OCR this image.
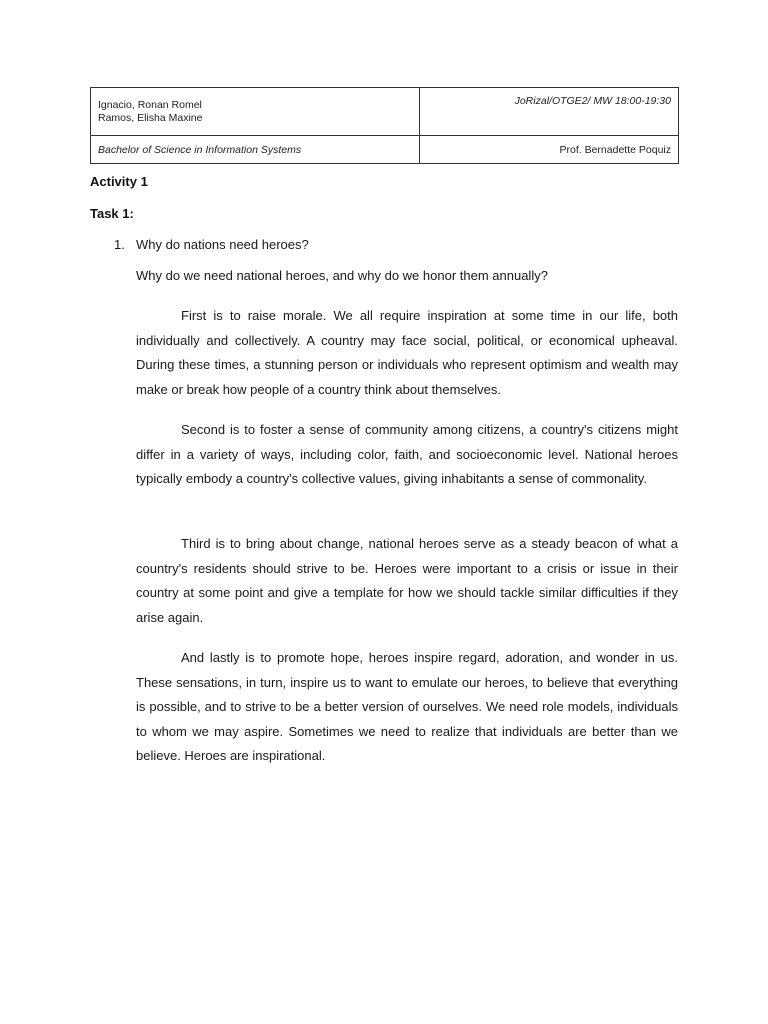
Ignacio, Ronan Romel
Ramos, Elisha Maxine	JoRizal/OTGE2/ MW 18:00-19:30
Bachelor of Science in Information Systems	Prof. Bernadette Poquiz
Activity 1
Task 1:
1. Why do nations need heroes?
Why do we need national heroes, and why do we honor them annually?

First is to raise morale. We all require inspiration at some time in our life, both individually and collectively. A country may face social, political, or economical upheaval. During these times, a stunning person or individuals who represent optimism and wealth may make or break how people of a country think about themselves.

Second is to foster a sense of community among citizens, a country's citizens might differ in a variety of ways, including color, faith, and socioeconomic level. National heroes typically embody a country's collective values, giving inhabitants a sense of commonality.

Third is to bring about change, national heroes serve as a steady beacon of what a country's residents should strive to be. Heroes were important to a crisis or issue in their country at some point and give a template for how we should tackle similar difficulties if they arise again.

And lastly is to promote hope, heroes inspire regard, adoration, and wonder in us. These sensations, in turn, inspire us to want to emulate our heroes, to believe that everything is possible, and to strive to be a better version of ourselves. We need role models, individuals to whom we may aspire. Sometimes we need to realize that individuals are better than we believe. Heroes are inspirational.
